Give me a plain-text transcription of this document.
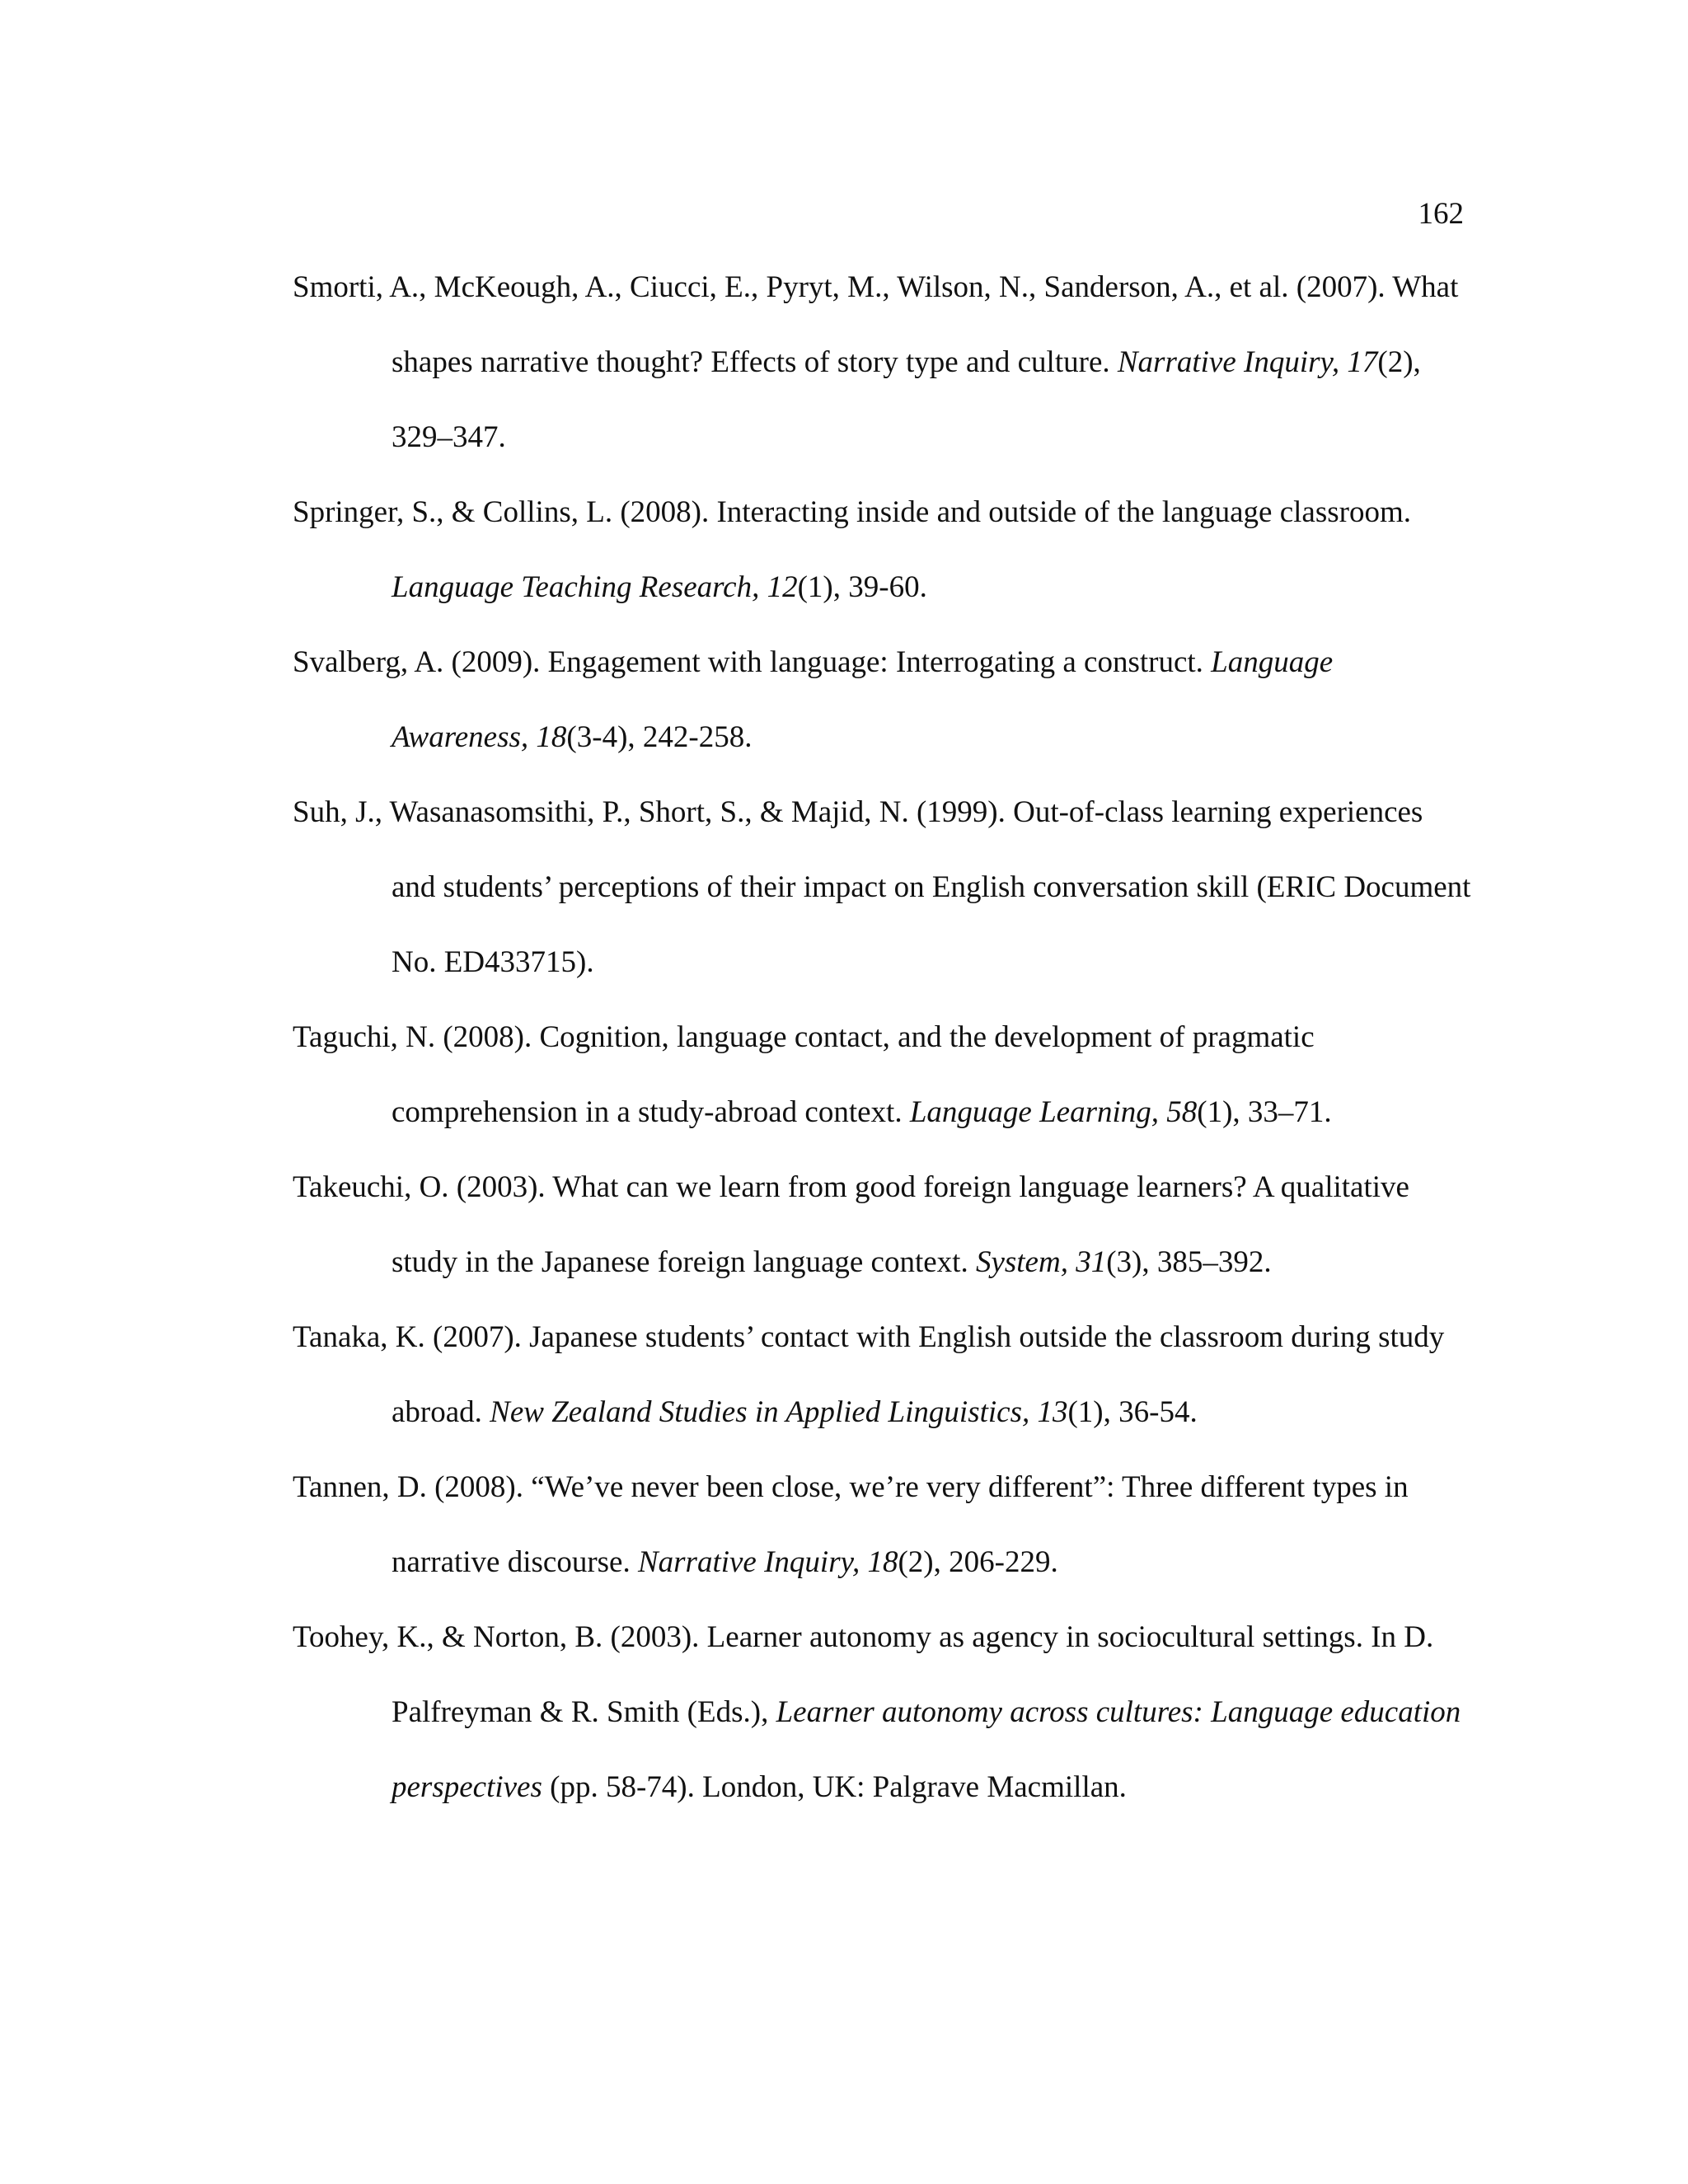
162
Smorti, A., McKeough, A., Ciucci, E., Pyryt, M., Wilson, N., Sanderson, A., et al. (2007). What shapes narrative thought? Effects of story type and culture. Narrative Inquiry, 17(2), 329–347.
Springer, S., & Collins, L. (2008). Interacting inside and outside of the language classroom. Language Teaching Research, 12(1), 39-60.
Svalberg, A. (2009). Engagement with language: Interrogating a construct. Language Awareness, 18(3-4), 242-258.
Suh, J., Wasanasomsithi, P., Short, S., & Majid, N. (1999). Out-of-class learning experiences and students’ perceptions of their impact on English conversation skill (ERIC Document No. ED433715).
Taguchi, N. (2008). Cognition, language contact, and the development of pragmatic comprehension in a study-abroad context. Language Learning, 58(1), 33–71.
Takeuchi, O. (2003). What can we learn from good foreign language learners? A qualitative study in the Japanese foreign language context. System, 31(3), 385–392.
Tanaka, K. (2007). Japanese students’ contact with English outside the classroom during study abroad. New Zealand Studies in Applied Linguistics, 13(1), 36-54.
Tannen, D. (2008). “We’ve never been close, we’re very different”: Three different types in narrative discourse. Narrative Inquiry, 18(2), 206-229.
Toohey, K., & Norton, B. (2003). Learner autonomy as agency in sociocultural settings. In D. Palfreyman & R. Smith (Eds.), Learner autonomy across cultures: Language education perspectives (pp. 58-74). London, UK: Palgrave Macmillan.
